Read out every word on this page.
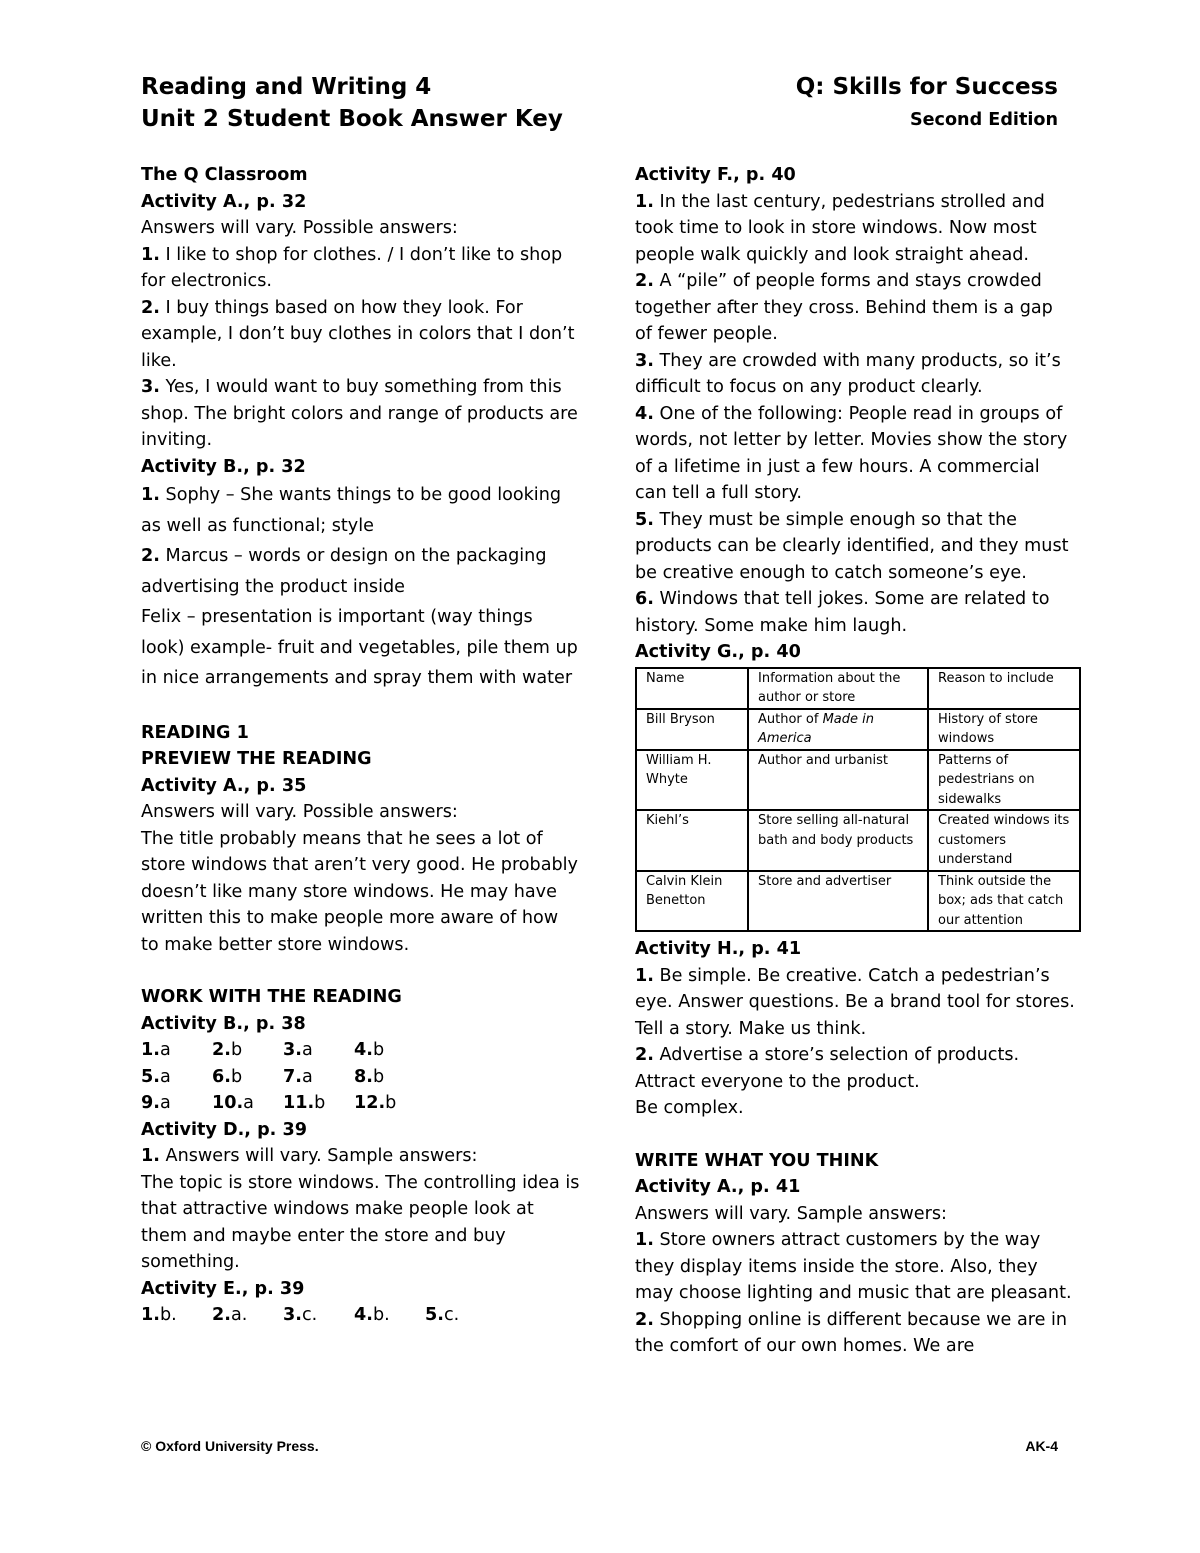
Reading and Writing 4
Unit 2 Student Book Answer Key
Q: Skills for Success
Second Edition
The Q Classroom
Activity A., p. 32
Answers will vary. Possible answers:
1. I like to shop for clothes. / I don’t like to shop for electronics.
2. I buy things based on how they look. For example, I don’t buy clothes in colors that I don’t like.
3. Yes, I would want to buy something from this shop. The bright colors and range of products are inviting.
Activity B., p. 32
1. Sophy – She wants things to be good looking as well as functional; style
2. Marcus – words or design on the packaging advertising the product inside
Felix – presentation is important (way things look) example- fruit and vegetables, pile them up in nice arrangements and spray them with water
READING 1
PREVIEW THE READING
Activity A., p. 35
Answers will vary. Possible answers:
The title probably means that he sees a lot of store windows that aren’t very good. He probably doesn’t like many store windows. He may have written this to make people more aware of how to make better store windows.
WORK WITH THE READING
Activity B., p. 38
1.a	2.b	3.a	4.b
5.a	6.b	7.a	8.b
9.a	10.a	11.b	12.b
Activity D., p. 39
1. Answers will vary. Sample answers:
The topic is store windows. The controlling idea is that attractive windows make people look at them and maybe enter the store and buy something.
Activity E., p. 39
1.b.	2.a.	3.c.	4.b.	5.c.
Activity F., p. 40
1. In the last century, pedestrians strolled and took time to look in store windows. Now most people walk quickly and look straight ahead.
2. A “pile” of people forms and stays crowded together after they cross. Behind them is a gap of fewer people.
3. They are crowded with many products, so it’s difficult to focus on any product clearly.
4. One of the following: People read in groups of words, not letter by letter. Movies show the story of a lifetime in just a few hours. A commercial can tell a full story.
5. They must be simple enough so that the products can be clearly identified, and they must be creative enough to catch someone’s eye.
6. Windows that tell jokes. Some are related to history. Some make him laugh.
Activity G., p. 40
Name	Information about the author or store	Reason to include
Bill Bryson	Author of Made in America	History of store windows
William H. Whyte	Author and urbanist	Patterns of pedestrians on sidewalks
Kiehl’s	Store selling all-natural bath and body products	Created windows its customers understand
Calvin Klein Benetton	Store and advertiser	Think outside the box; ads that catch our attention
Activity H., p. 41
1. Be simple. Be creative. Catch a pedestrian’s eye. Answer questions. Be a brand tool for stores. Tell a story. Make us think.
2. Advertise a store’s selection of products.
Attract everyone to the product.
Be complex.
WRITE WHAT YOU THINK
Activity A., p. 41
Answers will vary. Sample answers:
1. Store owners attract customers by the way they display items inside the store. Also, they may choose lighting and music that are pleasant.
2. Shopping online is different because we are in the comfort of our own homes. We are
© Oxford University Press.	AK-4
